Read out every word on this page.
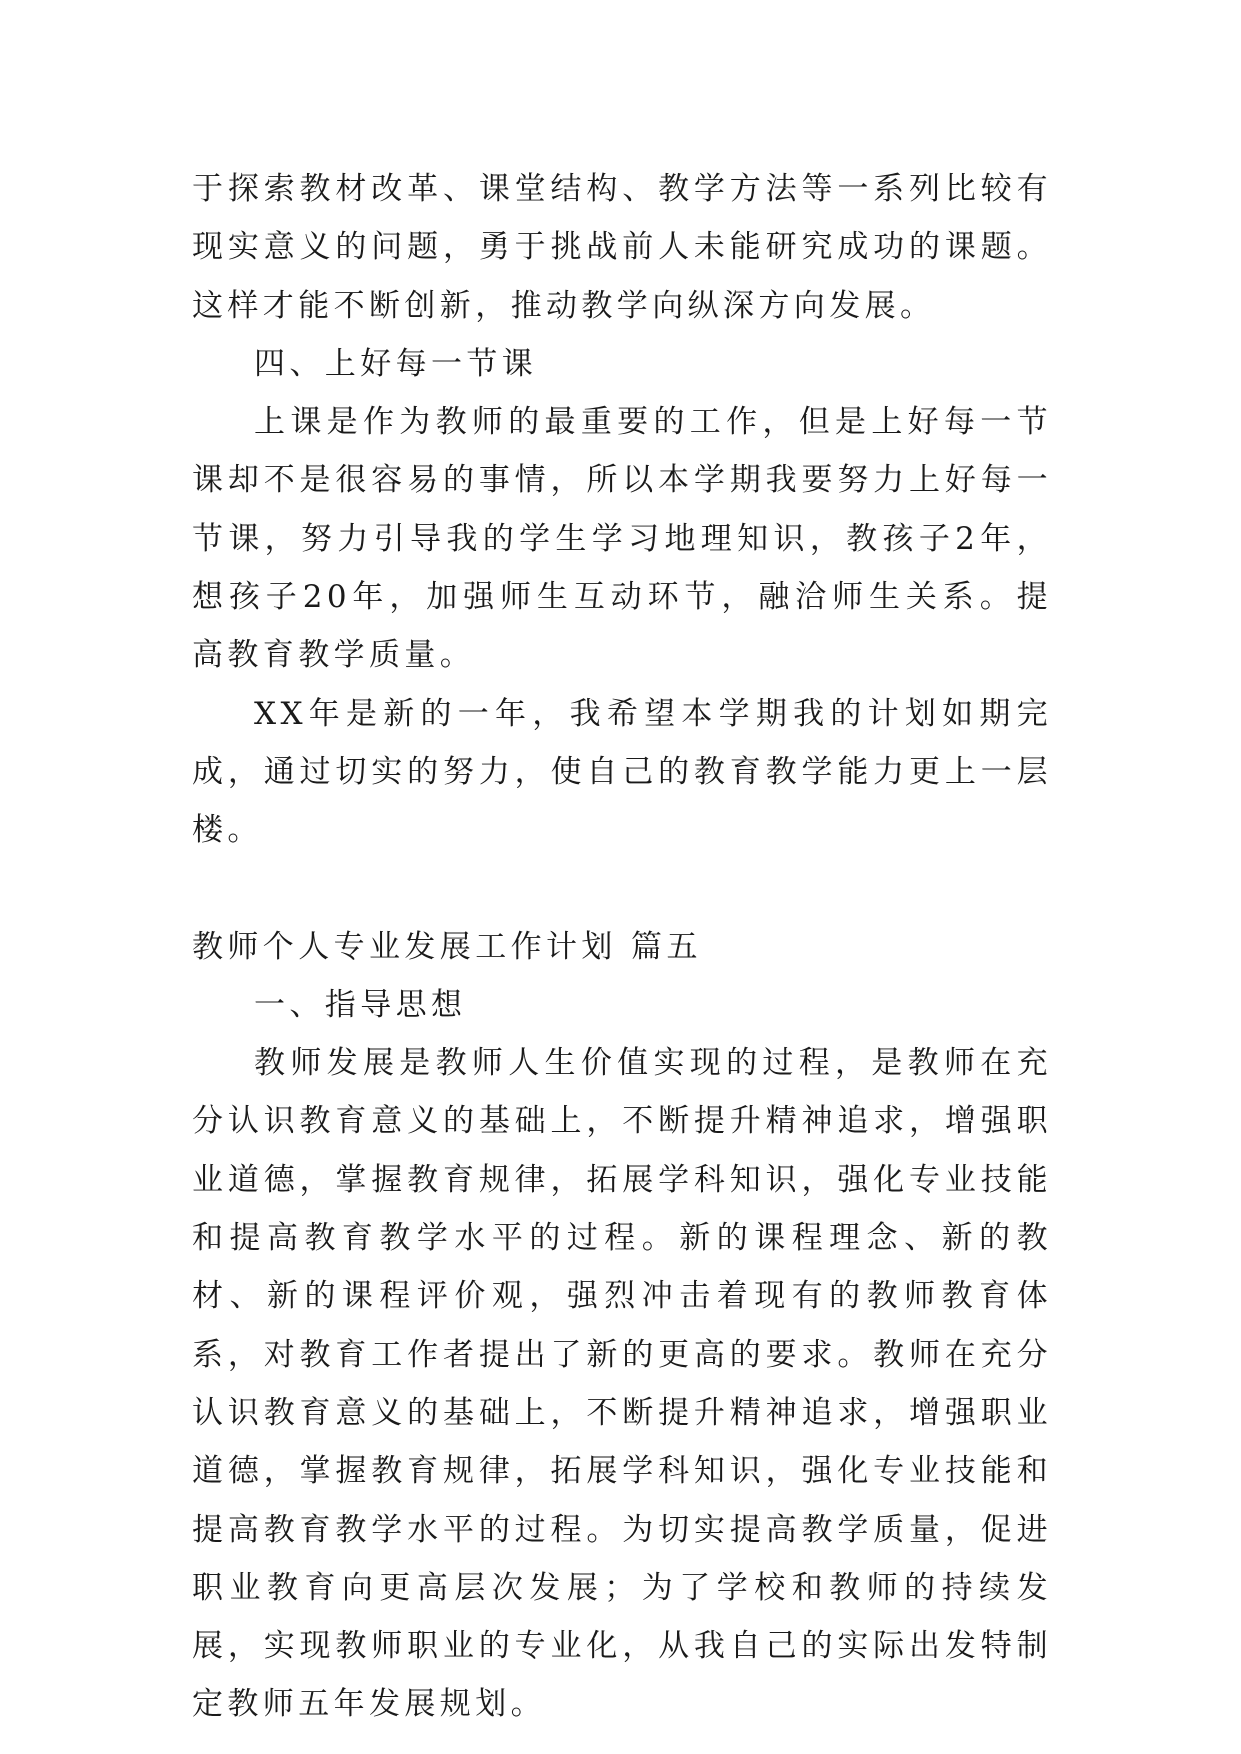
于探索教材改革、课堂结构、教学方法等一系列比较有现实意义的问题，勇于挑战前人未能研究成功的课题。这样才能不断创新，推动教学向纵深方向发展。

四、上好每一节课

上课是作为教师的最重要的工作，但是上好每一节课却不是很容易的事情，所以本学期我要努力上好每一节课，努力引导我的学生学习地理知识，教孩子2年，想孩子20年，加强师生互动环节，融洽师生关系。提高教育教学质量。

XX年是新的一年，我希望本学期我的计划如期完成，通过切实的努力，使自己的教育教学能力更上一层楼。

教师个人专业发展工作计划 篇五

一、指导思想

教师发展是教师人生价值实现的过程，是教师在充分认识教育意义的基础上，不断提升精神追求，增强职业道德，掌握教育规律，拓展学科知识，强化专业技能和提高教育教学水平的过程。新的课程理念、新的教材、新的课程评价观，强烈冲击着现有的教师教育体系，对教育工作者提出了新的更高的要求。教师在充分认识教育意义的基础上，不断提升精神追求，增强职业道德，掌握教育规律，拓展学科知识，强化专业技能和提高教育教学水平的过程。为切实提高教学质量，促进职业教育向更高层次发展；为了学校和教师的持续发展，实现教师职业的专业化，从我自己的实际出发特制定教师五年发展规划。
